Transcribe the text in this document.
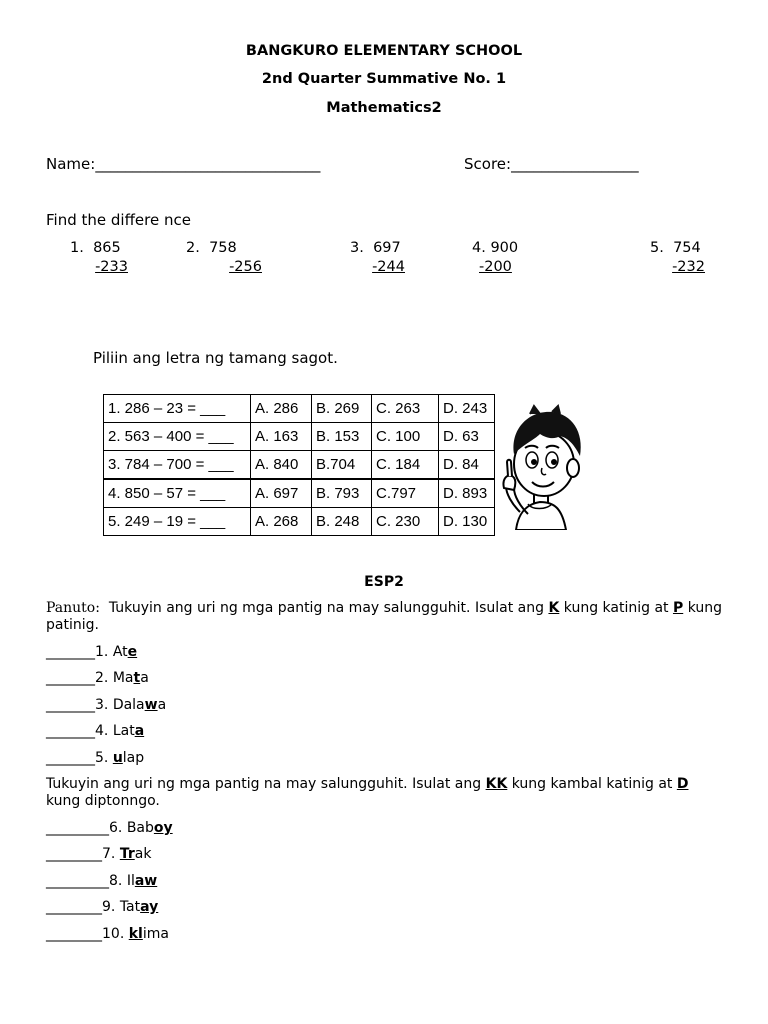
BANGKURO ELEMENTARY SCHOOL
2nd Quarter Summative No. 1
Mathematics2
Name:______________________________	Score:_________________
Find the differe nce
1. 865
-233
2. 758
-256
3. 697
-244
4. 900
-200
5. 754
-232
Piliin ang letra ng tamang sagot.
1. 286 – 23 = ___	A. 286	B. 269	C. 263	D. 243
2. 563 – 400 = ___	A. 163	B. 153	C. 100	D. 63
3. 784 – 700 = ___	A. 840	B.704	C. 184	D. 84
4. 850 – 57 = ___	A. 697	B. 793	C.797	D. 893
5. 249 – 19 = ___	A. 268	B. 248	C. 230	D. 130
ESP2
Panuto: Tukuyin ang uri ng mga pantig na may salungguhit. Isulat ang K kung katinig at P kung patinig.
_______1. Ate
_______2. Mata
_______3. Dalawa
_______4. Lata
_______5. ulap
Tukuyin ang uri ng mga pantig na may salungguhit. Isulat ang KK kung kambal katinig at D kung diptonngo.
_________6. Baboy
________7. Trak
_________8. Ilaw
________9. Tatay
________10. klima
